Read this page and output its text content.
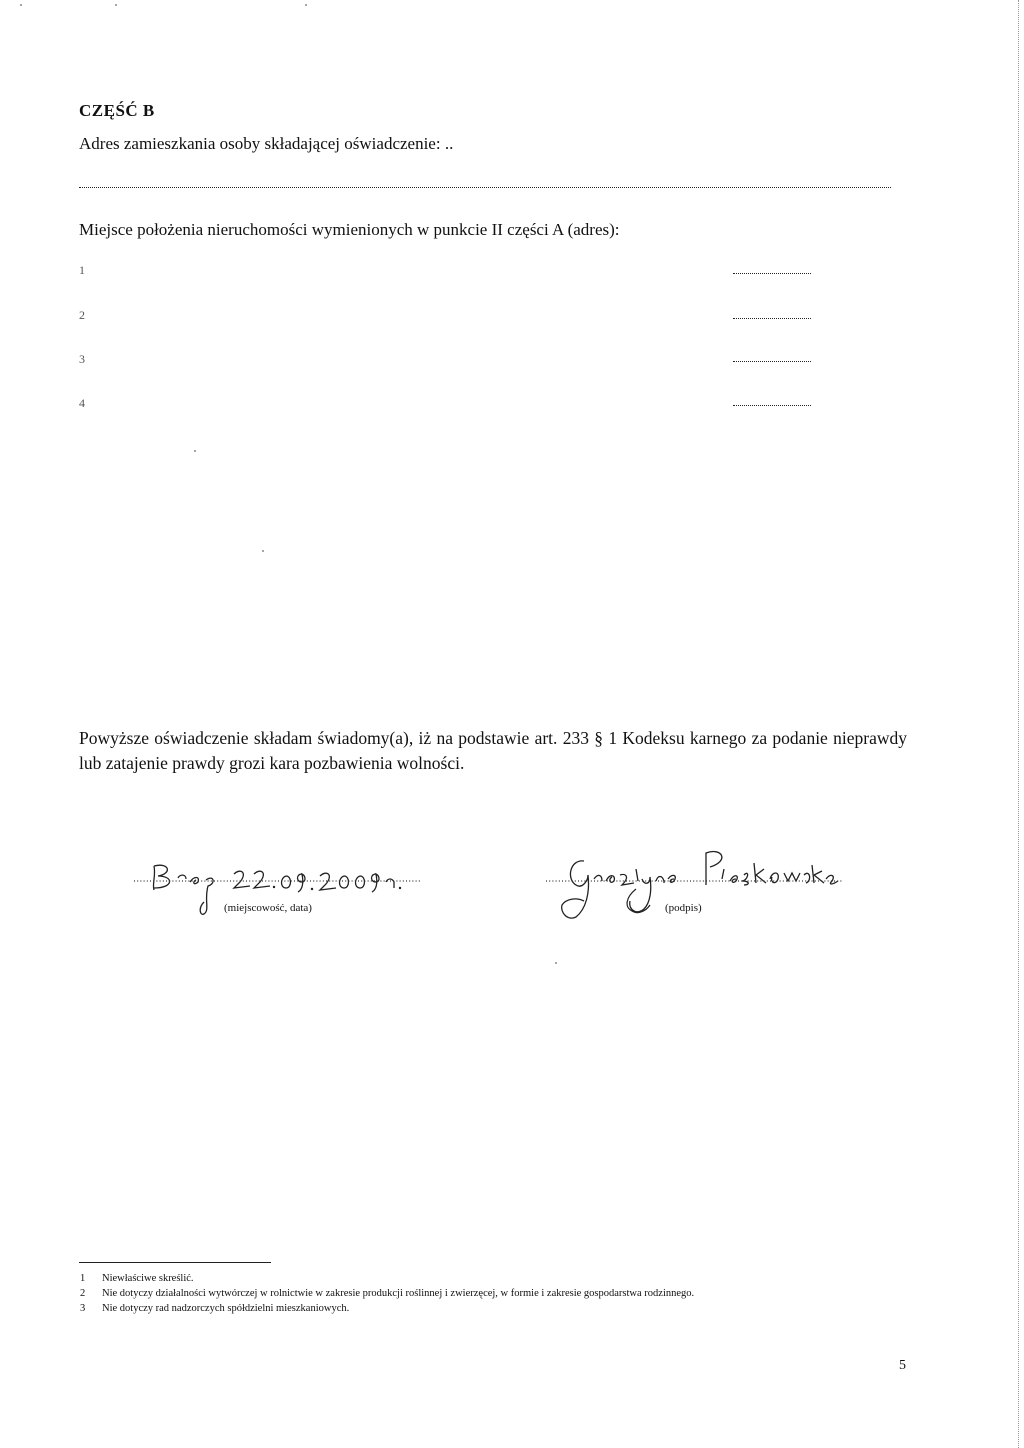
CZĘŚĆ B
Adres zamieszkania osoby składającej oświadczenie: ..
Miejsce położenia nieruchomości wymienionych w punkcie II części A (adres):
1
2
3
4
Powyższe oświadczenie składam świadomy(a), iż na podstawie art. 233 § 1 Kodeksu karnego za podanie nieprawdy lub zatajenie prawdy grozi kara pozbawienia wolności.
(miejscowość, data)	(podpis)
1 Niewłaściwe skreślić.
2 Nie dotyczy działalności wytwórczej w rolnictwie w zakresie produkcji roślinnej i zwierzęcej, w formie i zakresie gospodarstwa rodzinnego.
3 Nie dotyczy rad nadzorczych spółdzielni mieszkaniowych.
5
